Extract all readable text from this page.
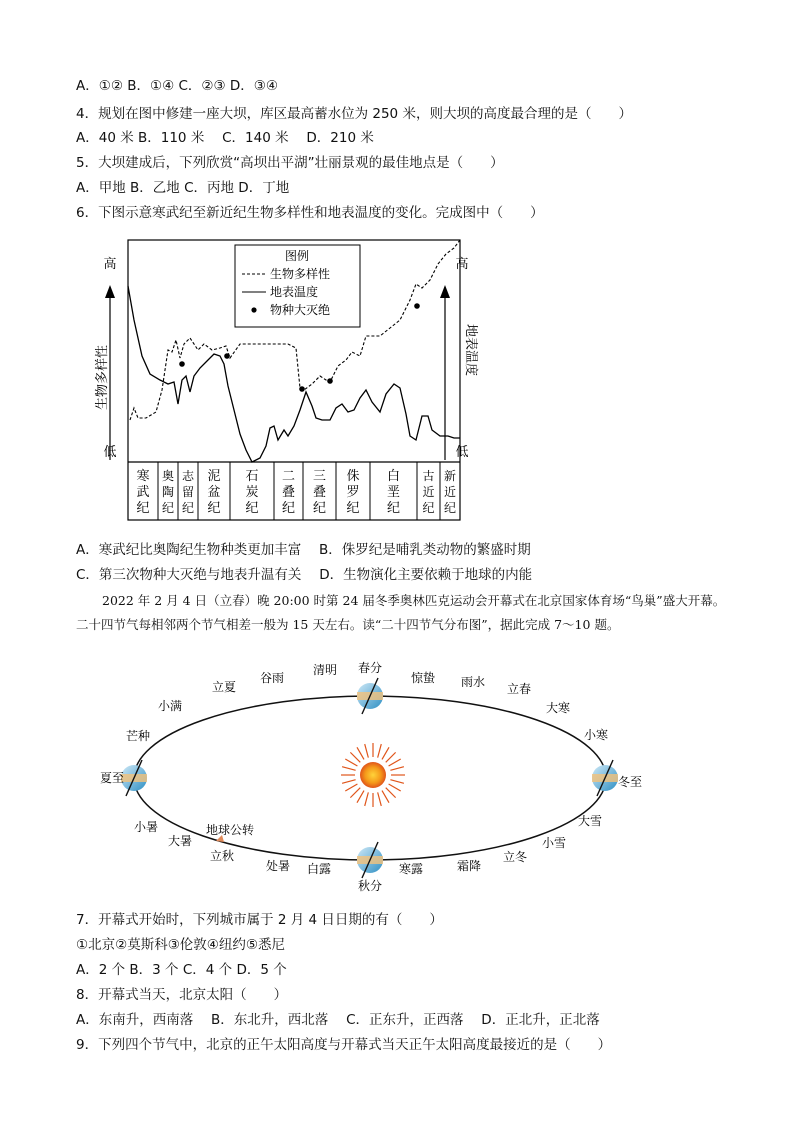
A．①② B．①④ C．②③ D．③④
4．规划在图中修建一座大坝，库区最高蓄水位为 250 米，则大坝的高度最合理的是（　　）
A．40 米 B．110 米　 C．140 米　 D．210 米
5．大坝建成后，下列欣赏“高坝出平湖”壮丽景观的最佳地点是（　　）
A．甲地 B．乙地 C．丙地 D．丁地
6．下图示意寒武纪至新近纪生物多样性和地表温度的变化。完成图中（　　）
高
低
高
低
生物多样性	地表温度
寒武纪
奥陶纪
志留纪
泥盆纪
石炭纪
二叠纪
三叠纪
侏罗纪
白垩纪
古近纪
新近纪
图例
生物多样性
地表温度
物种大灭绝
A．寒武纪比奥陶纪生物种类更加丰富　 B．侏罗纪是哺乳类动物的繁盛时期
C．第三次物种大灭绝与地表升温有关　 D．生物演化主要依赖于地球的内能
2022 年 2 月 4 日（立春）晚 20:00 时第 24 届冬季奥林匹克运动会开幕式在北京国家体育场“鸟巢”盛大开幕。二十四节气每相邻两个节气相差一般为 15 天左右。读“二十四节气分布图”，据此完成 7～10 题。
地球公转
春分
惊蛰 雨水 立春
大寒
小寒
冬至
大雪
小雪
立冬
霜降
寒露
秋分
白露
处暑
立秋
大暑
小暑
夏至
芒种
小满
立夏
谷雨
清明
7．开幕式开始时，下列城市属于 2 月 4 日日期的有（　　）
①北京②莫斯科③伦敦④纽约⑤悉尼
A．2 个 B．3 个 C．4 个 D．5 个
8．开幕式当天，北京太阳（　　）
A．东南升，西南落　 B．东北升，西北落　 C．正东升，正西落　 D．正北升，正北落
9．下列四个节气中，北京的正午太阳高度与开幕式当天正午太阳高度最接近的是（　　）
